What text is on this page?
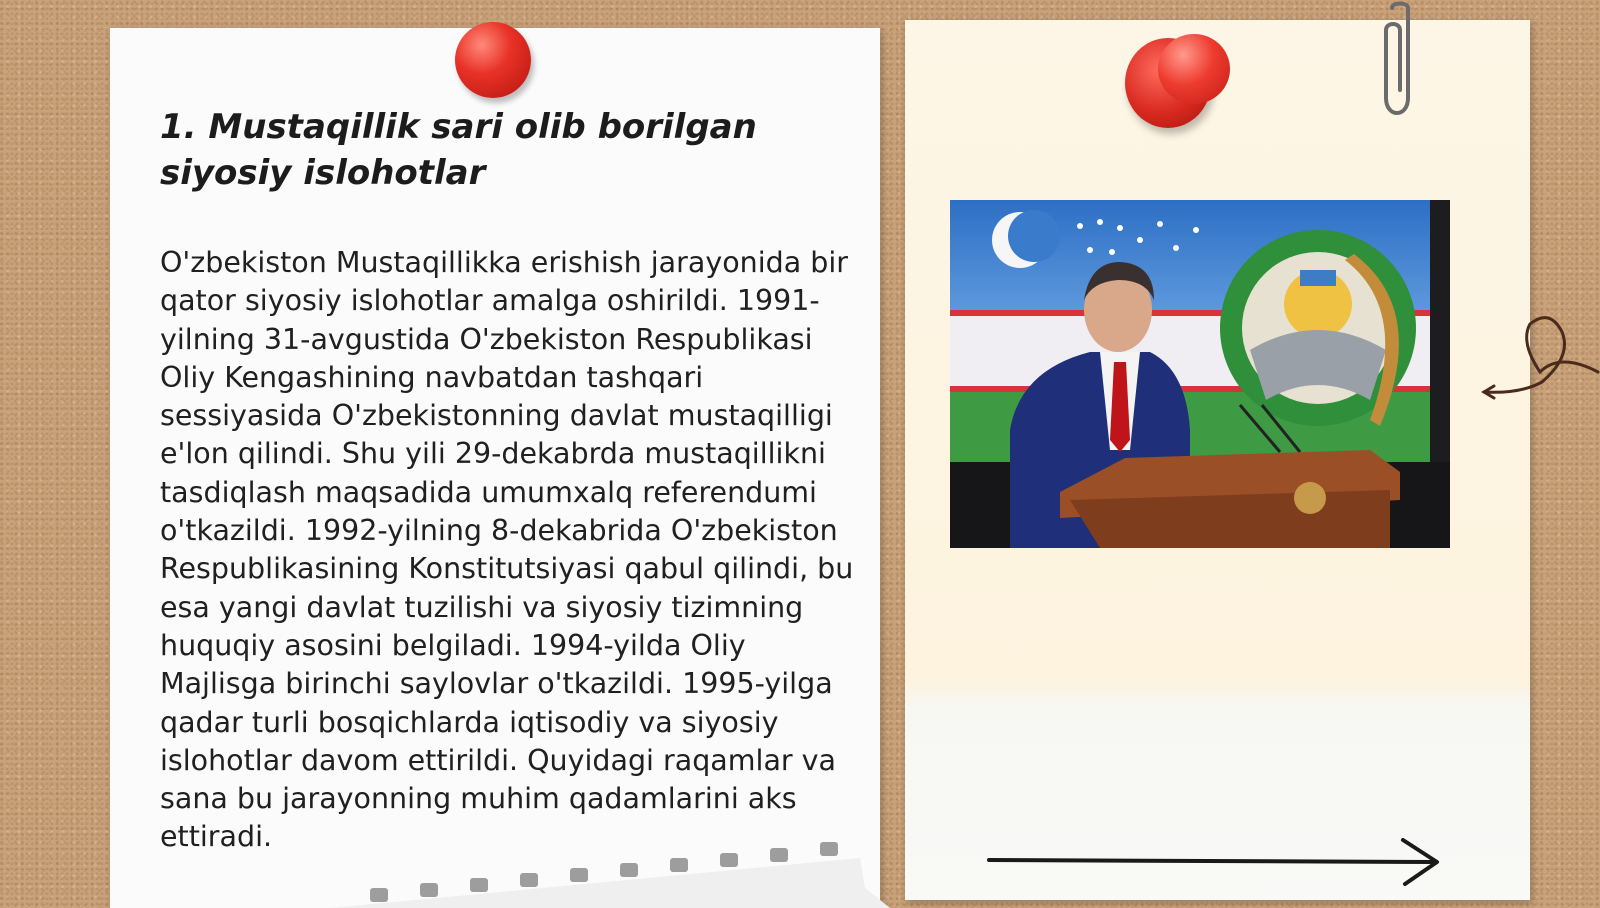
1. Mustaqillik sari olib borilgan siyosiy islohotlar

O'zbekiston Mustaqillikka erishish jarayonida bir qator siyosiy islohotlar amalga oshirildi. 1991-yilning 31-avgustida O'zbekiston Respublikasi Oliy Kengashining navbatdan tashqari sessiyasida O'zbekistonning davlat mustaqilligi e'lon qilindi. Shu yili 29-dekabrda mustaqillikni tasdiqlash maqsadida umumxalq referendumi o'tkazildi. 1992-yilning 8-dekabrida O'zbekiston Respublikasining Konstitutsiyasi qabul qilindi, bu esa yangi davlat tuzilishi va siyosiy tizimning huquqiy asosini belgiladi. 1994-yilda Oliy Majlisga birinchi saylovlar o'tkazildi. 1995-yilga qadar turli bosqichlarda iqtisodiy va siyosiy islohotlar davom ettirildi. Quyidagi raqamlar va sana bu jarayonning muhim qadamlarini aks ettiradi.
